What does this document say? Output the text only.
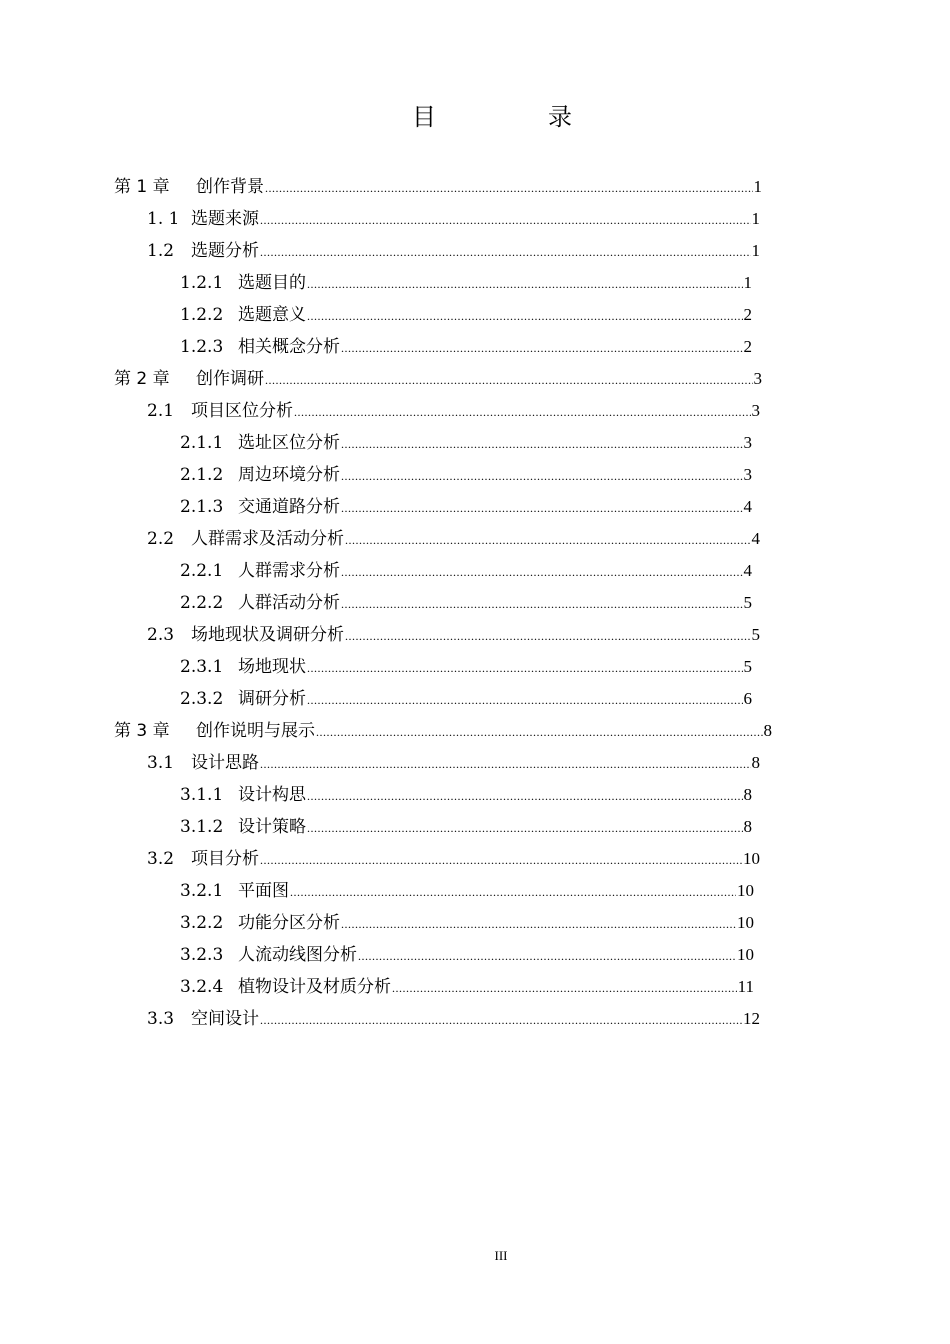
目　录
第 1 章	创作背景 .....	1
1. 1 选题来源 .....	1
1.2 选题分析 .....	1
1.2.1 选题目的 .....	1
1.2.2 选题意义 .....	2
1.2.3 相关概念分析 .....	2
第 2 章	创作调研 .....	3
2.1 项目区位分析 .....	3
2.1.1 选址区位分析 .....	3
2.1.2 周边环境分析 .....	3
2.1.3 交通道路分析 .....	4
2.2 人群需求及活动分析 .....	4
2.2.1 人群需求分析 .....	4
2.2.2 人群活动分析 .....	5
2.3 场地现状及调研分析 .....	5
2.3.1 场地现状 .....	5
2.3.2 调研分析 .....	6
第 3 章	创作说明与展示 .....	8
3.1 设计思路 .....	8
3.1.1 设计构思 .....	8
3.1.2 设计策略 .....	8
3.2 项目分析 .....	10
3.2.1 平面图 .....	10
3.2.2 功能分区分析 .....	10
3.2.3 人流动线图分析 .....	10
3.2.4 植物设计及材质分析 .....	11
3.3 空间设计 .....	12
III
